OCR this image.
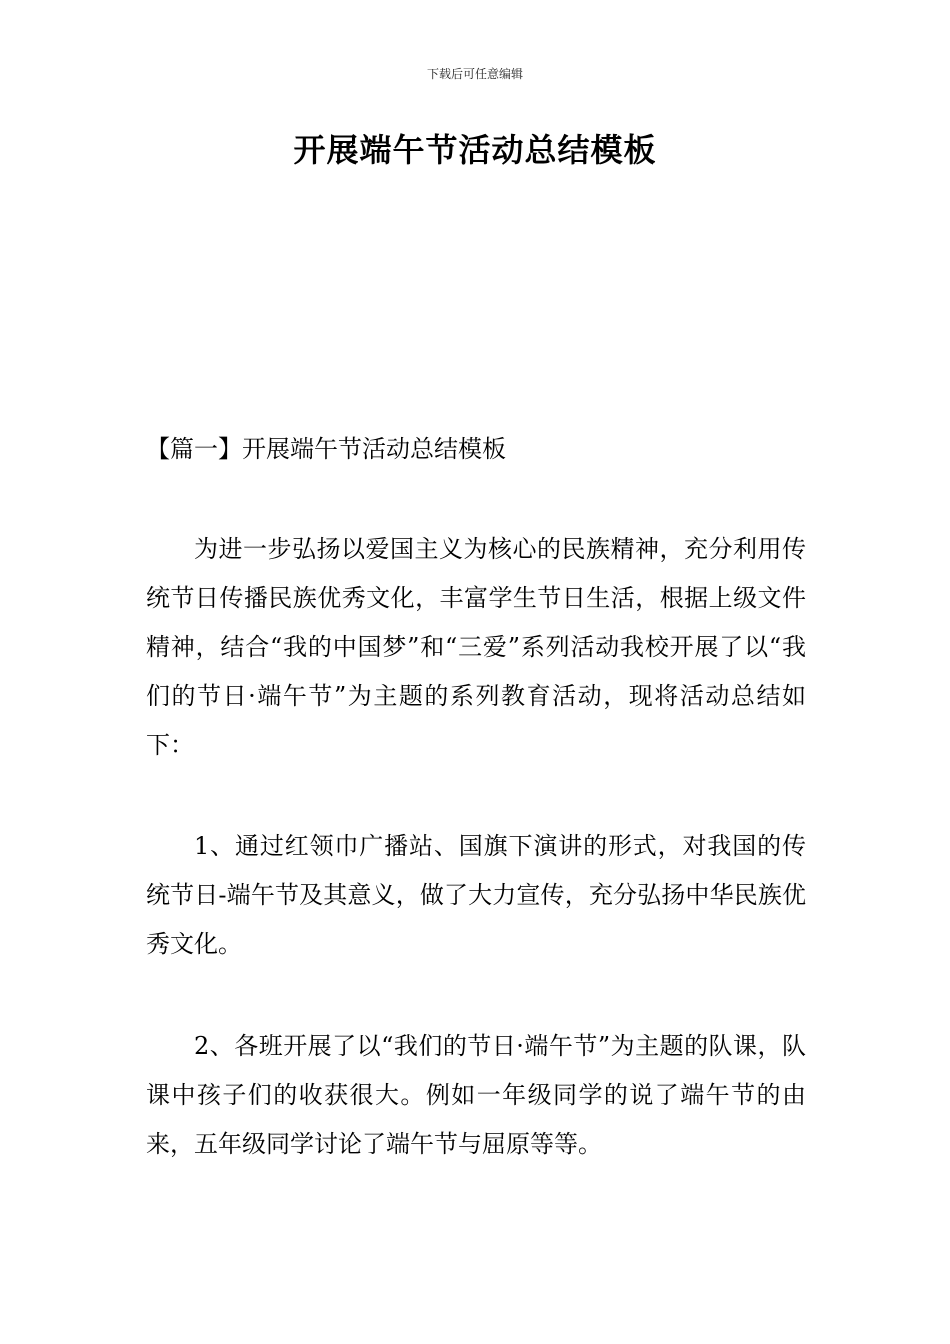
下载后可任意编辑
开展端午节活动总结模板

【篇一】开展端午节活动总结模板

为进一步弘扬以爱国主义为核心的民族精神，充分利用传统节日传播民族优秀文化，丰富学生节日生活，根据上级文件精神，结合“我的中国梦”和“三爱”系列活动我校开展了以“我们的节日·端午节”为主题的系列教育活动，现将活动总结如下：

1、通过红领巾广播站、国旗下演讲的形式，对我国的传统节日-端午节及其意义，做了大力宣传，充分弘扬中华民族优秀文化。

2、各班开展了以“我们的节日·端午节”为主题的队课，队课中孩子们的收获很大。例如一年级同学的说了端午节的由来，五年级同学讨论了端午节与屈原等等。
